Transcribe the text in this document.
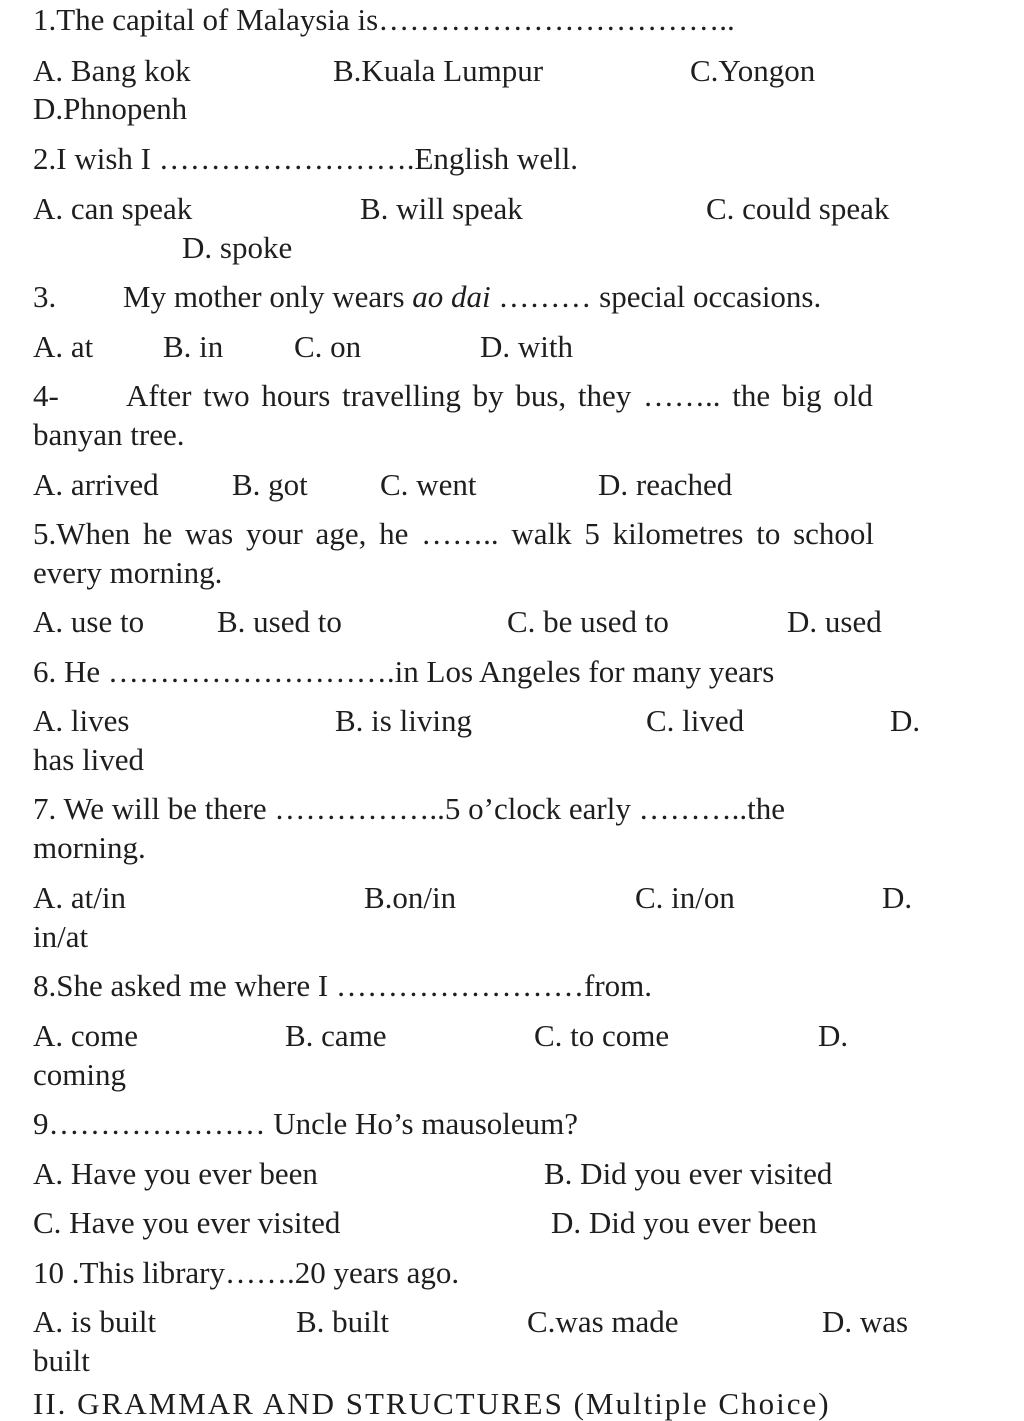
1.The capital of Malaysia is……………………………..
A. Bang kok	B.Kuala Lumpur	C.Yongon
D.Phnopenh
2.I wish I …………………….English well.
A. can speak	B. will speak	C. could speak
D. spoke
3. My mother only wears ao dai ……… special occasions.
A. at B. in C. on	D. with
4- After two hours travelling by bus, they …….. the big old
banyan tree.
A. arrived B. got C. went	D. reached
5.When he was your age, he …….. walk 5 kilometres to school
every morning.
A. use to B. used to	C. be used to	D. used
6. He ……………………….in Los Angeles for many years
A. lives	B. is living	C. lived	D.
has lived
7. We will be there ……………..5 o’clock early ………..the
morning.
A. at/in	B.on/in	C. in/on	D.
in/at
8.She asked me where I ……………………from.
A. come	B. came	C. to come	D.
coming
9………………… Uncle Ho’s mausoleum?
A. Have you ever been	B. Did you ever visited
C. Have you ever visited	D. Did you ever been
10 .This library…….20 years ago.
A. is built	B. built	C.was made	D. was
built
II. GRAMMAR AND STRUCTURES (Multiple Choice)
